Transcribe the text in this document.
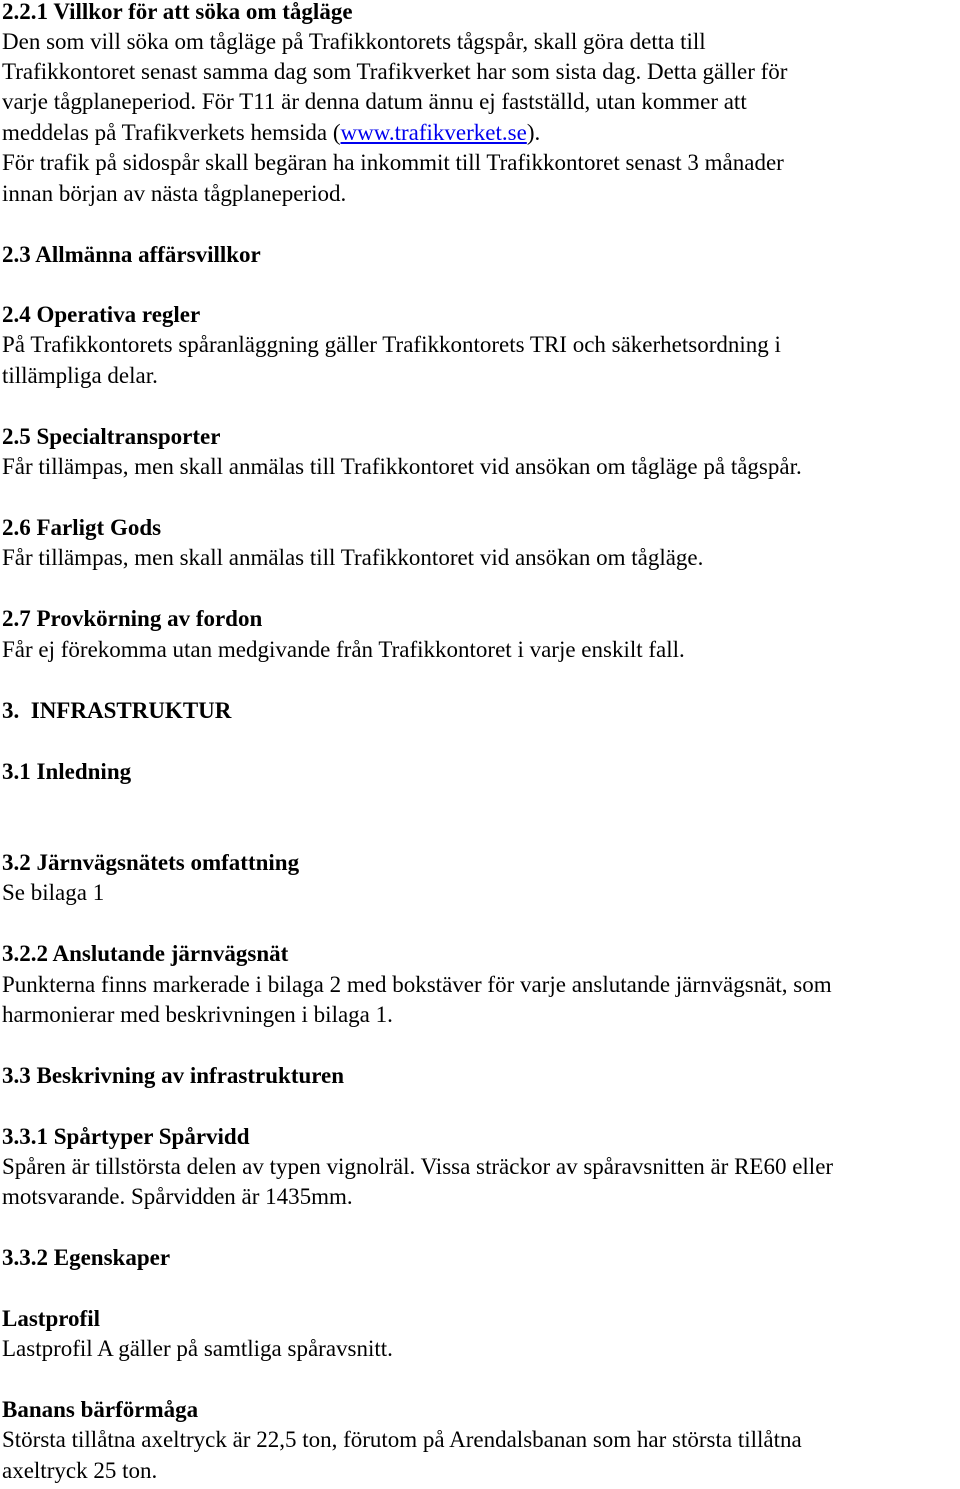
2.2.1 Villkor för att söka om tågläge
Den som vill söka om tågläge på Trafikkontorets tågspår, skall göra detta till
Trafikkontoret senast samma dag som Trafikverket har som sista dag. Detta gäller för
varje tågplaneperiod. För T11 är denna datum ännu ej fastställd, utan kommer att
meddelas på Trafikverkets hemsida (www.trafikverket.se).
För trafik på sidospår skall begäran ha inkommit till Trafikkontoret senast 3 månader
innan början av nästa tågplaneperiod.
2.3 Allmänna affärsvillkor
2.4 Operativa regler
På Trafikkontorets spåranläggning gäller Trafikkontorets TRI och säkerhetsordning i
tillämpliga delar.
2.5 Specialtransporter
Får tillämpas, men skall anmälas till Trafikkontoret vid ansökan om tågläge på tågspår.
2.6 Farligt Gods
Får tillämpas, men skall anmälas till Trafikkontoret vid ansökan om tågläge.
2.7 Provkörning av fordon
Får ej förekomma utan medgivande från Trafikkontoret i varje enskilt fall.
3.  INFRASTRUKTUR
3.1 Inledning
3.2 Järnvägsnätets omfattning
Se bilaga 1
3.2.2 Anslutande järnvägsnät
Punkterna finns markerade i bilaga 2 med bokstäver för varje anslutande järnvägsnät, som
harmonierar med beskrivningen i bilaga 1.
3.3 Beskrivning av infrastrukturen
3.3.1 Spårtyper Spårvidd
Spåren är tillstörsta delen av typen vignolräl. Vissa sträckor av spåravsnitten är RE60 eller
motsvarande. Spårvidden är 1435mm.
3.3.2 Egenskaper
Lastprofil
Lastprofil A gäller på samtliga spåravsnitt.
Banans bärförmåga
Största tillåtna axeltryck är 22,5 ton, förutom på Arendalsbanan som har största tillåtna
axeltryck 25 ton.
